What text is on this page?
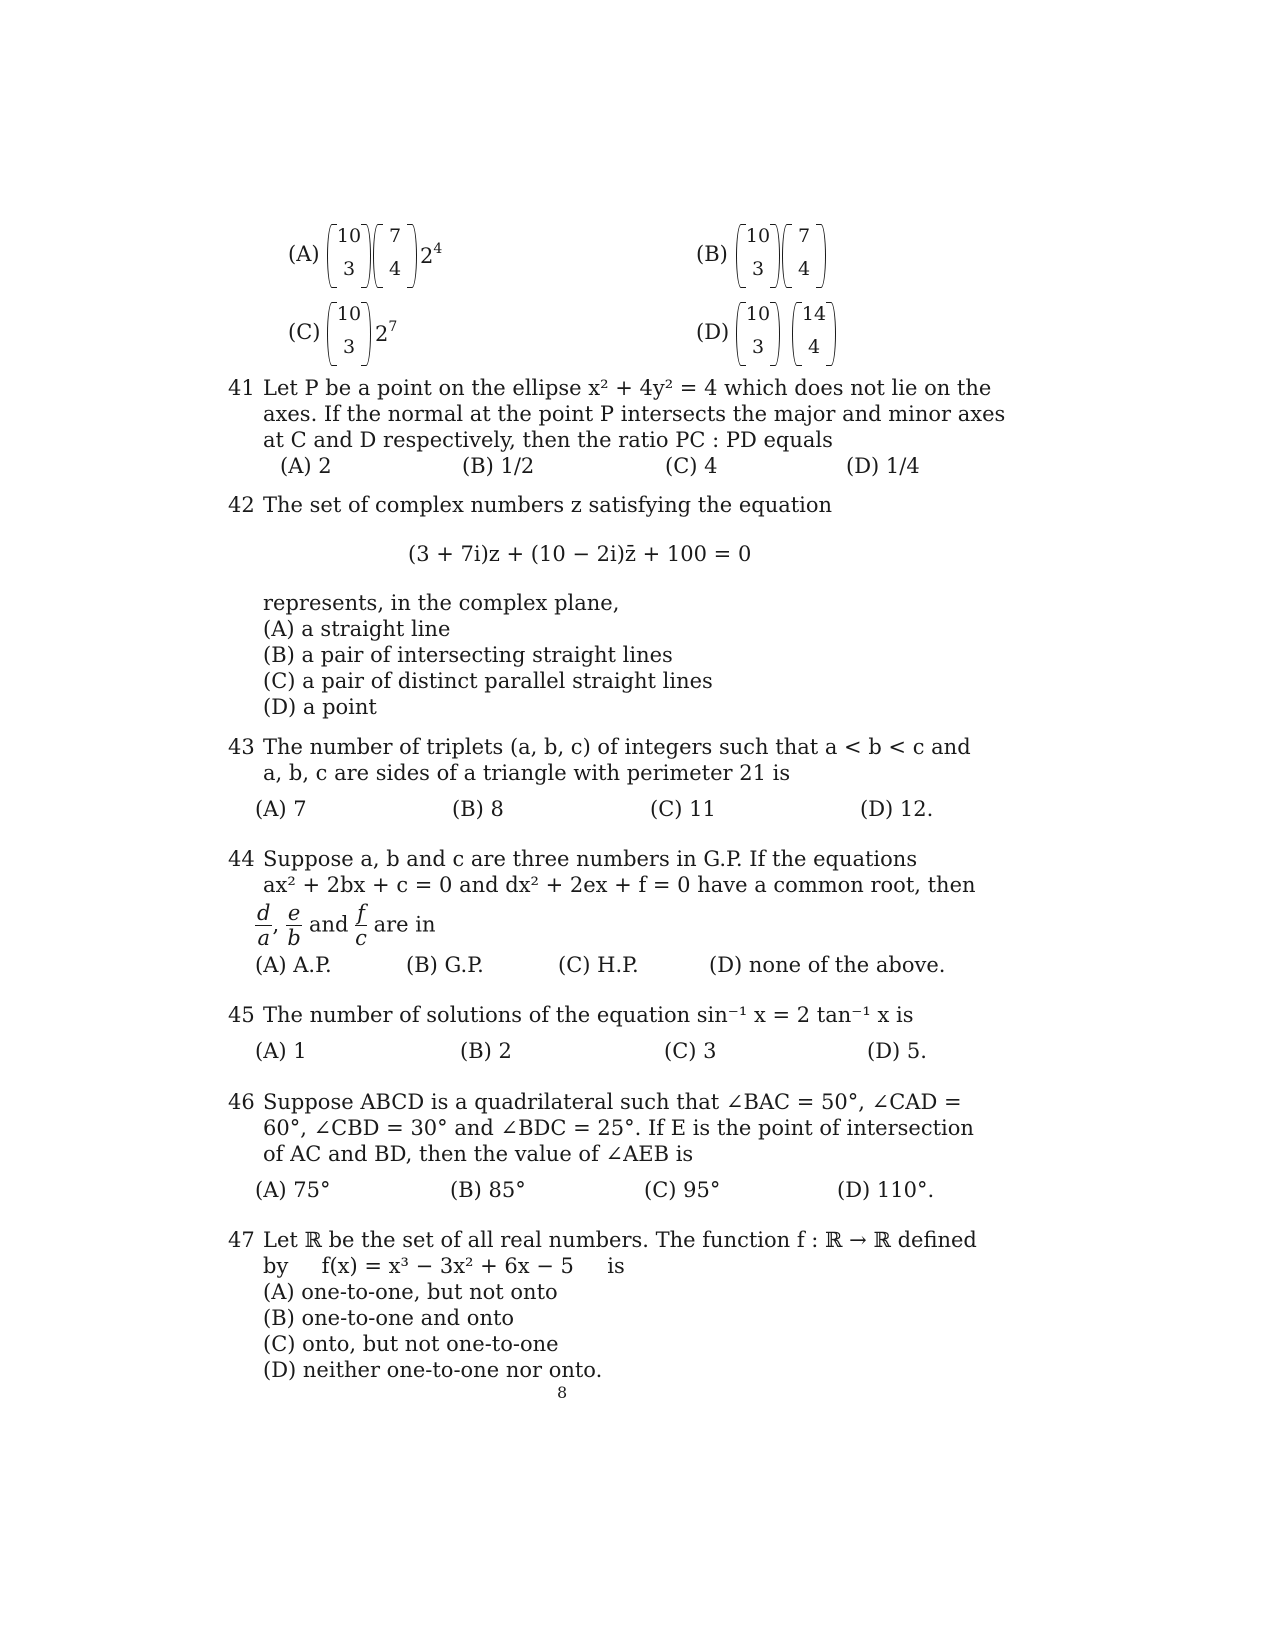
(A)
10
3
7
4
$2^4$	(B)
10
3
7
4
(C)
10
3
$2^7$	(D)
10
3
14
4
41 Let P be a point on the ellipse x² + 4y² = 4 which does not lie on the
axes. If the normal at the point P intersects the major and minor axes
at C and D respectively, then the ratio PC : PD equals
(A) 2	(B) 1/2	(C) 4	(D) 1/4
42 The set of complex numbers z satisfying the equation
(3 + 7i)z + (10 − 2i)z̄ + 100 = 0
represents, in the complex plane,
(A) a straight line
(B) a pair of intersecting straight lines
(C) a pair of distinct parallel straight lines
(D) a point
43 The number of triplets (a, b, c) of integers such that a < b < c and
a, b, c are sides of a triangle with perimeter 21 is
(A) 7	(B) 8	(C) 11	(D) 12.
44 Suppose a, b and c are three numbers in G.P. If the equations
ax² + 2bx + c = 0 and dx² + 2ex + f = 0 have a common root, then
$\frac{d}{a}$ , $\frac{e}{b}$ and $\frac{f}{c}$ are in
(A) A.P.	(B) G.P.	(C) H.P.	(D) none of the above.
45 The number of solutions of the equation sin⁻¹ x = 2 tan⁻¹ x is
(A) 1	(B) 2	(C) 3	(D) 5.
46 Suppose ABCD is a quadrilateral such that ∠BAC = 50°, ∠CAD =
60°, ∠CBD = 30° and ∠BDC = 25°. If E is the point of intersection
of AC and BD, then the value of ∠AEB is
(A) 75°	(B) 85°	(C) 95°	(D) 110°.
47 Let ℝ be the set of all real numbers. The function f : ℝ → ℝ defined
by     f(x) = x³ − 3x² + 6x − 5     is
(A) one-to-one, but not onto
(B) one-to-one and onto
(C) onto, but not one-to-one
(D) neither one-to-one nor onto.
8
